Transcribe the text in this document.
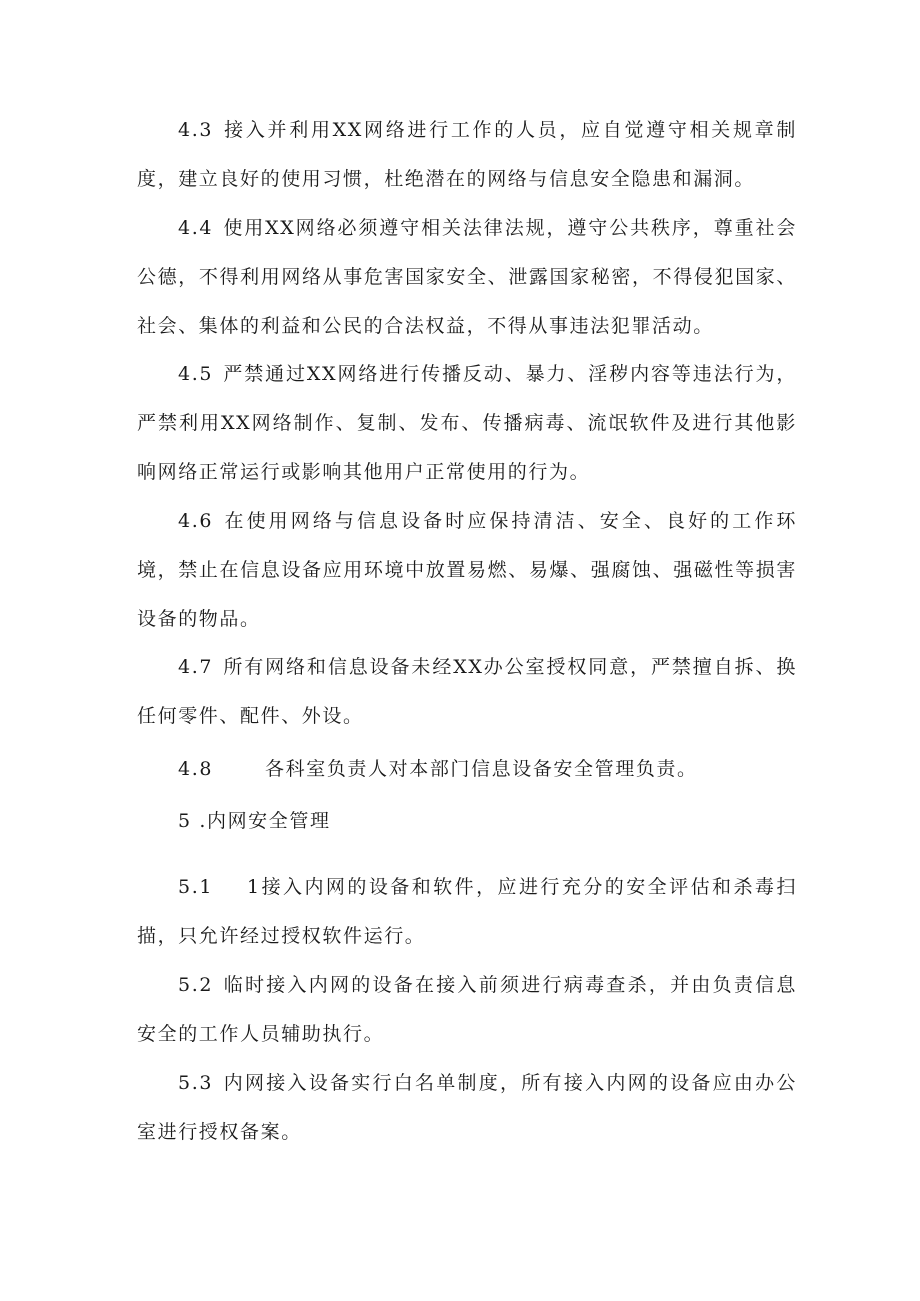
4.3 接入并利用XX网络进行工作的人员，应自觉遵守相关规章制度，建立良好的使用习惯，杜绝潜在的网络与信息安全隐患和漏洞。

4.4 使用XX网络必须遵守相关法律法规，遵守公共秩序，尊重社会公德，不得利用网络从事危害国家安全、泄露国家秘密，不得侵犯国家、社会、集体的利益和公民的合法权益，不得从事违法犯罪活动。

4.5 严禁通过XX网络进行传播反动、暴力、淫秽内容等违法行为，严禁利用XX网络制作、复制、发布、传播病毒、流氓软件及进行其他影响网络正常运行或影响其他用户正常使用的行为。

4.6 在使用网络与信息设备时应保持清洁、安全、良好的工作环境，禁止在信息设备应用环境中放置易燃、易爆、强腐蚀、强磁性等损害设备的物品。

4.7 所有网络和信息设备未经XX办公室授权同意，严禁擅自拆、换任何零件、配件、外设。

4.8	各科室负责人对本部门信息设备安全管理负责。

5 .内网安全管理

5.1 1接入内网的设备和软件，应进行充分的安全评估和杀毒扫描，只允许经过授权软件运行。

5.2 临时接入内网的设备在接入前须进行病毒查杀，并由负责信息安全的工作人员辅助执行。

5.3 内网接入设备实行白名单制度，所有接入内网的设备应由办公室进行授权备案。
